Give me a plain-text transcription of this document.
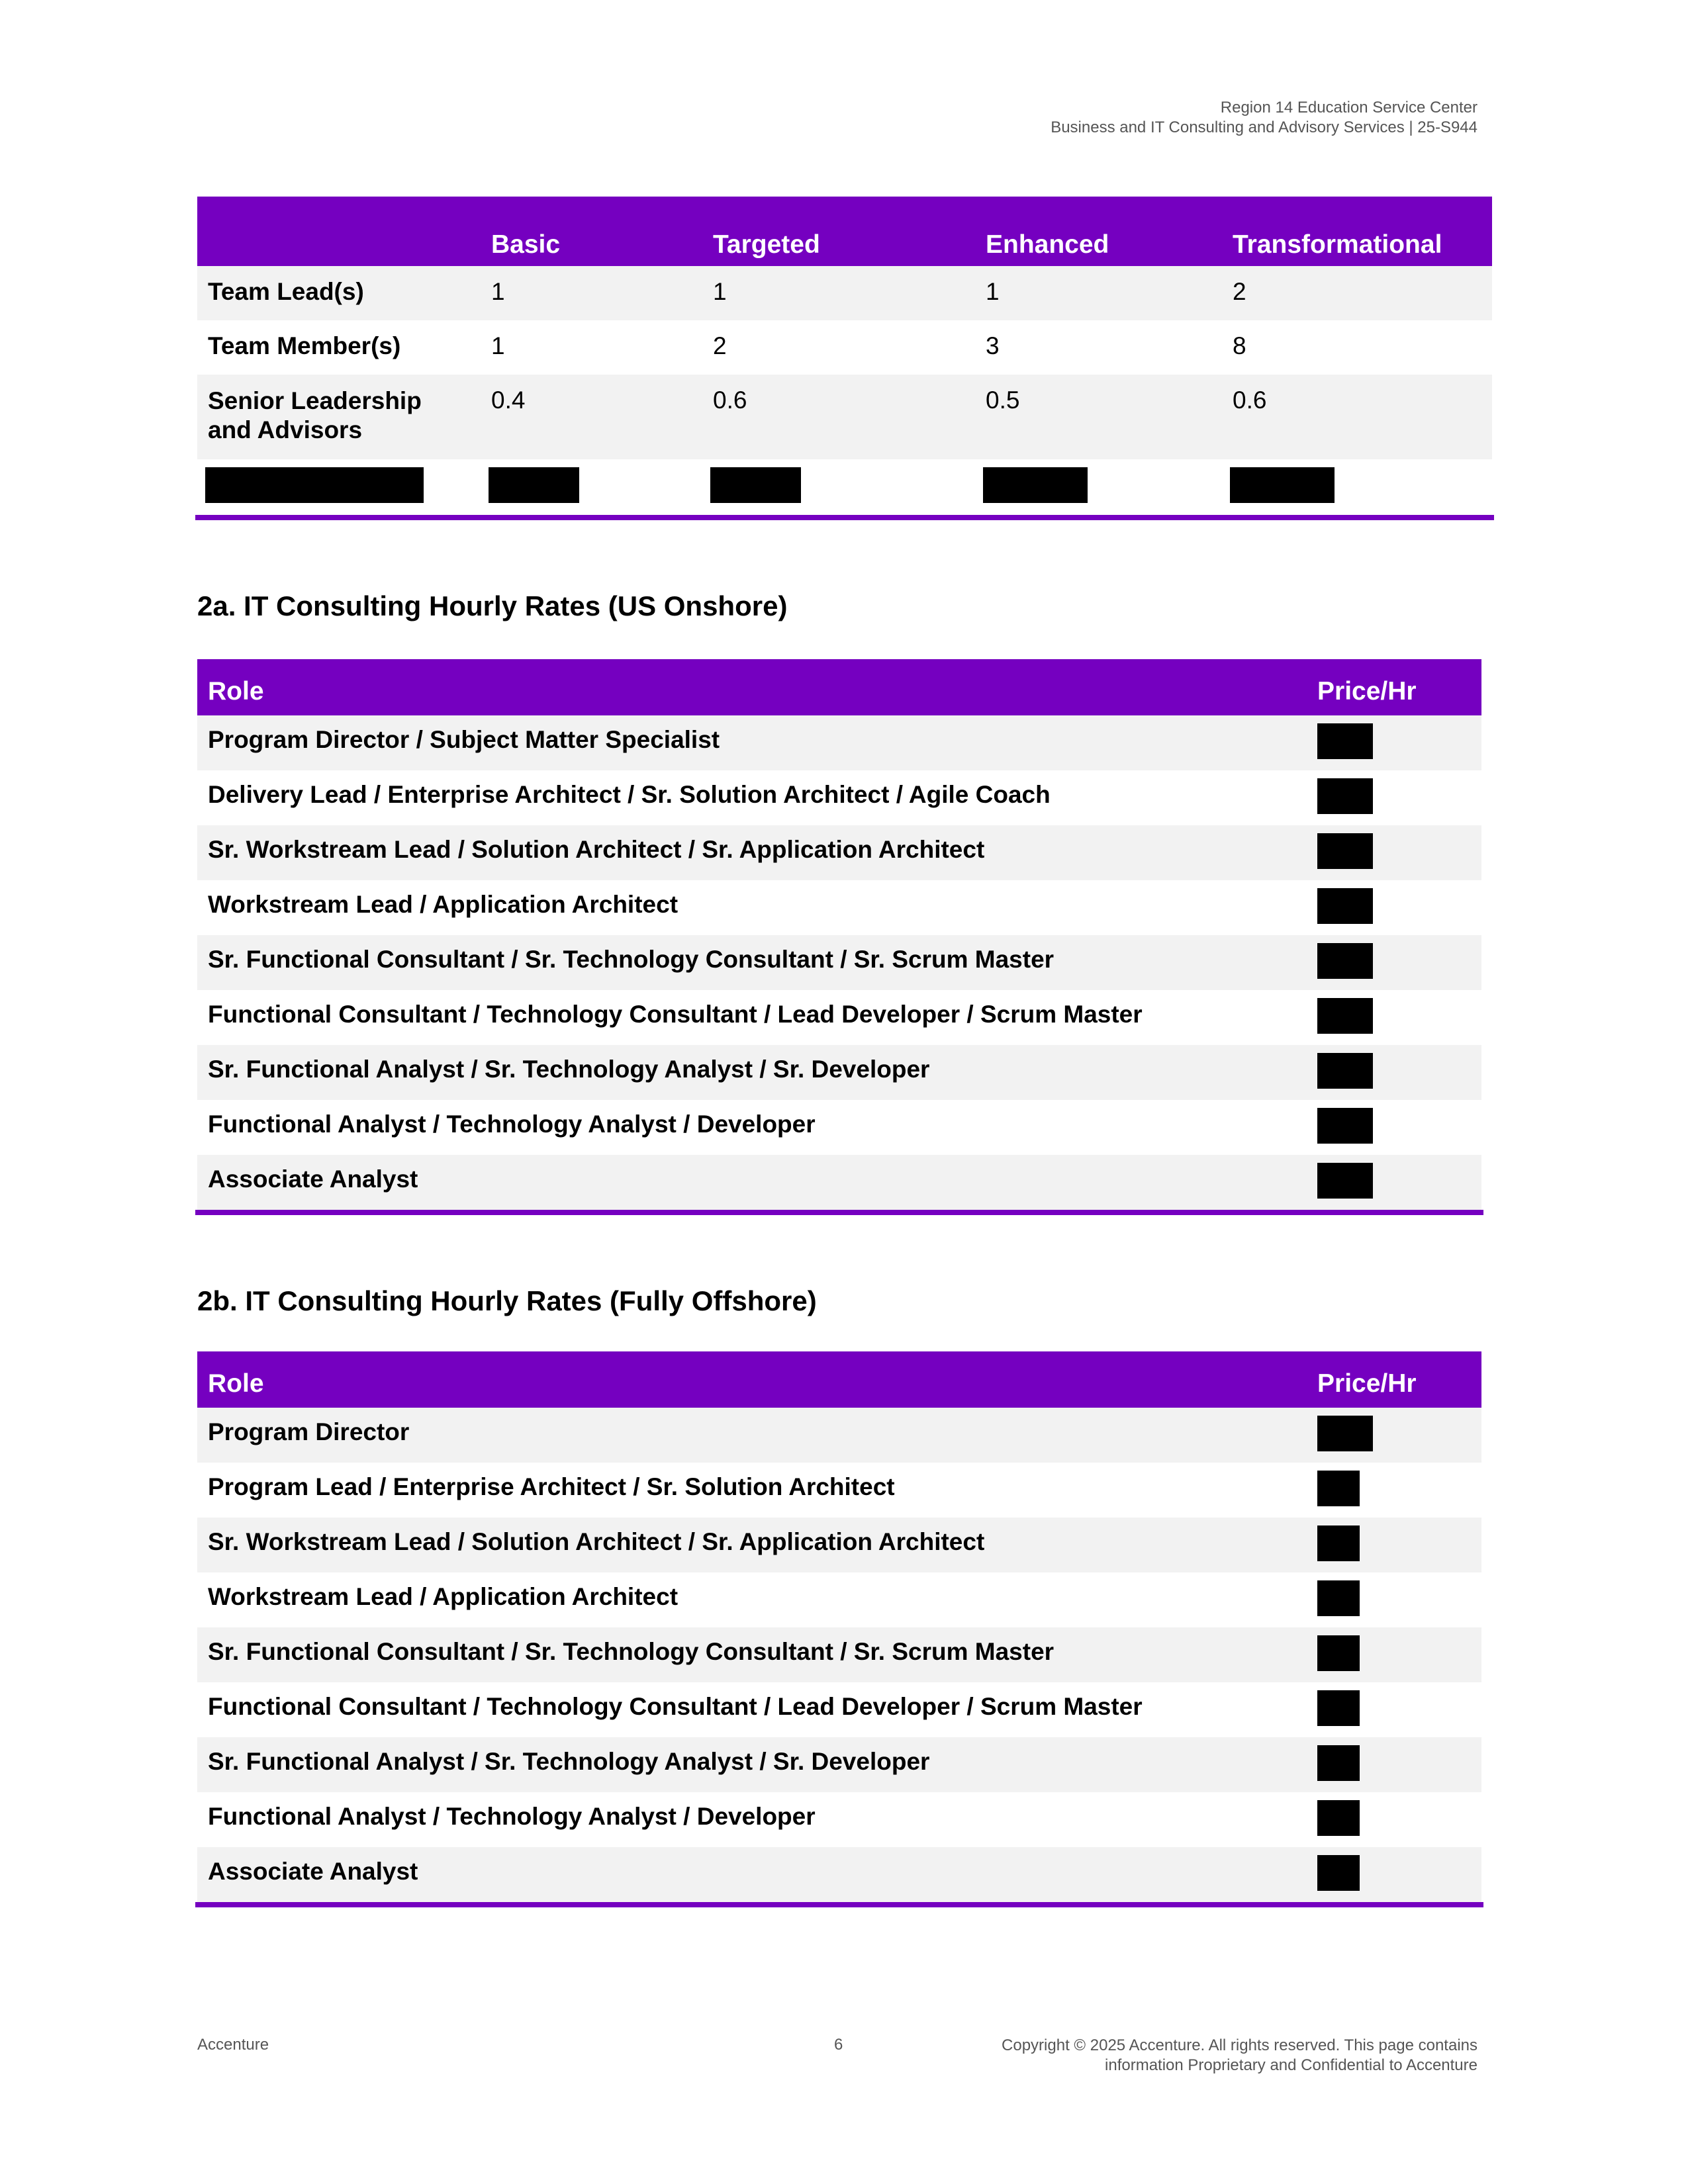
Region 14 Education Service Center
Business and IT Consulting and Advisory Services | 25-S944
	Basic	Targeted	Enhanced	Transformational
Team Lead(s)	1	1	1	2
Team Member(s)	1	2	3	8
Senior Leadership and Advisors	0.4	0.6	0.5	0.6

2a. IT Consulting Hourly Rates (US Onshore)
Role	Price/Hr
Program Director / Subject Matter Specialist	
Delivery Lead / Enterprise Architect / Sr. Solution Architect / Agile Coach	
Sr. Workstream Lead / Solution Architect / Sr. Application Architect	
Workstream Lead / Application Architect	
Sr. Functional Consultant / Sr. Technology Consultant / Sr. Scrum Master	
Functional Consultant / Technology Consultant / Lead Developer / Scrum Master	
Sr. Functional Analyst / Sr. Technology Analyst / Sr. Developer	
Functional Analyst / Technology Analyst / Developer	
Associate Analyst	
2b. IT Consulting Hourly Rates (Fully Offshore)
Role	Price/Hr
Program Director	
Program Lead / Enterprise Architect / Sr. Solution Architect	
Sr. Workstream Lead / Solution Architect / Sr. Application Architect	
Workstream Lead / Application Architect	
Sr. Functional Consultant / Sr. Technology Consultant / Sr. Scrum Master	
Functional Consultant / Technology Consultant / Lead Developer / Scrum Master	
Sr. Functional Analyst / Sr. Technology Analyst / Sr. Developer	
Functional Analyst / Technology Analyst / Developer	
Associate Analyst	
Accenture	6	Copyright © 2025 Accenture. All rights reserved. This page contains
information Proprietary and Confidential to Accenture
